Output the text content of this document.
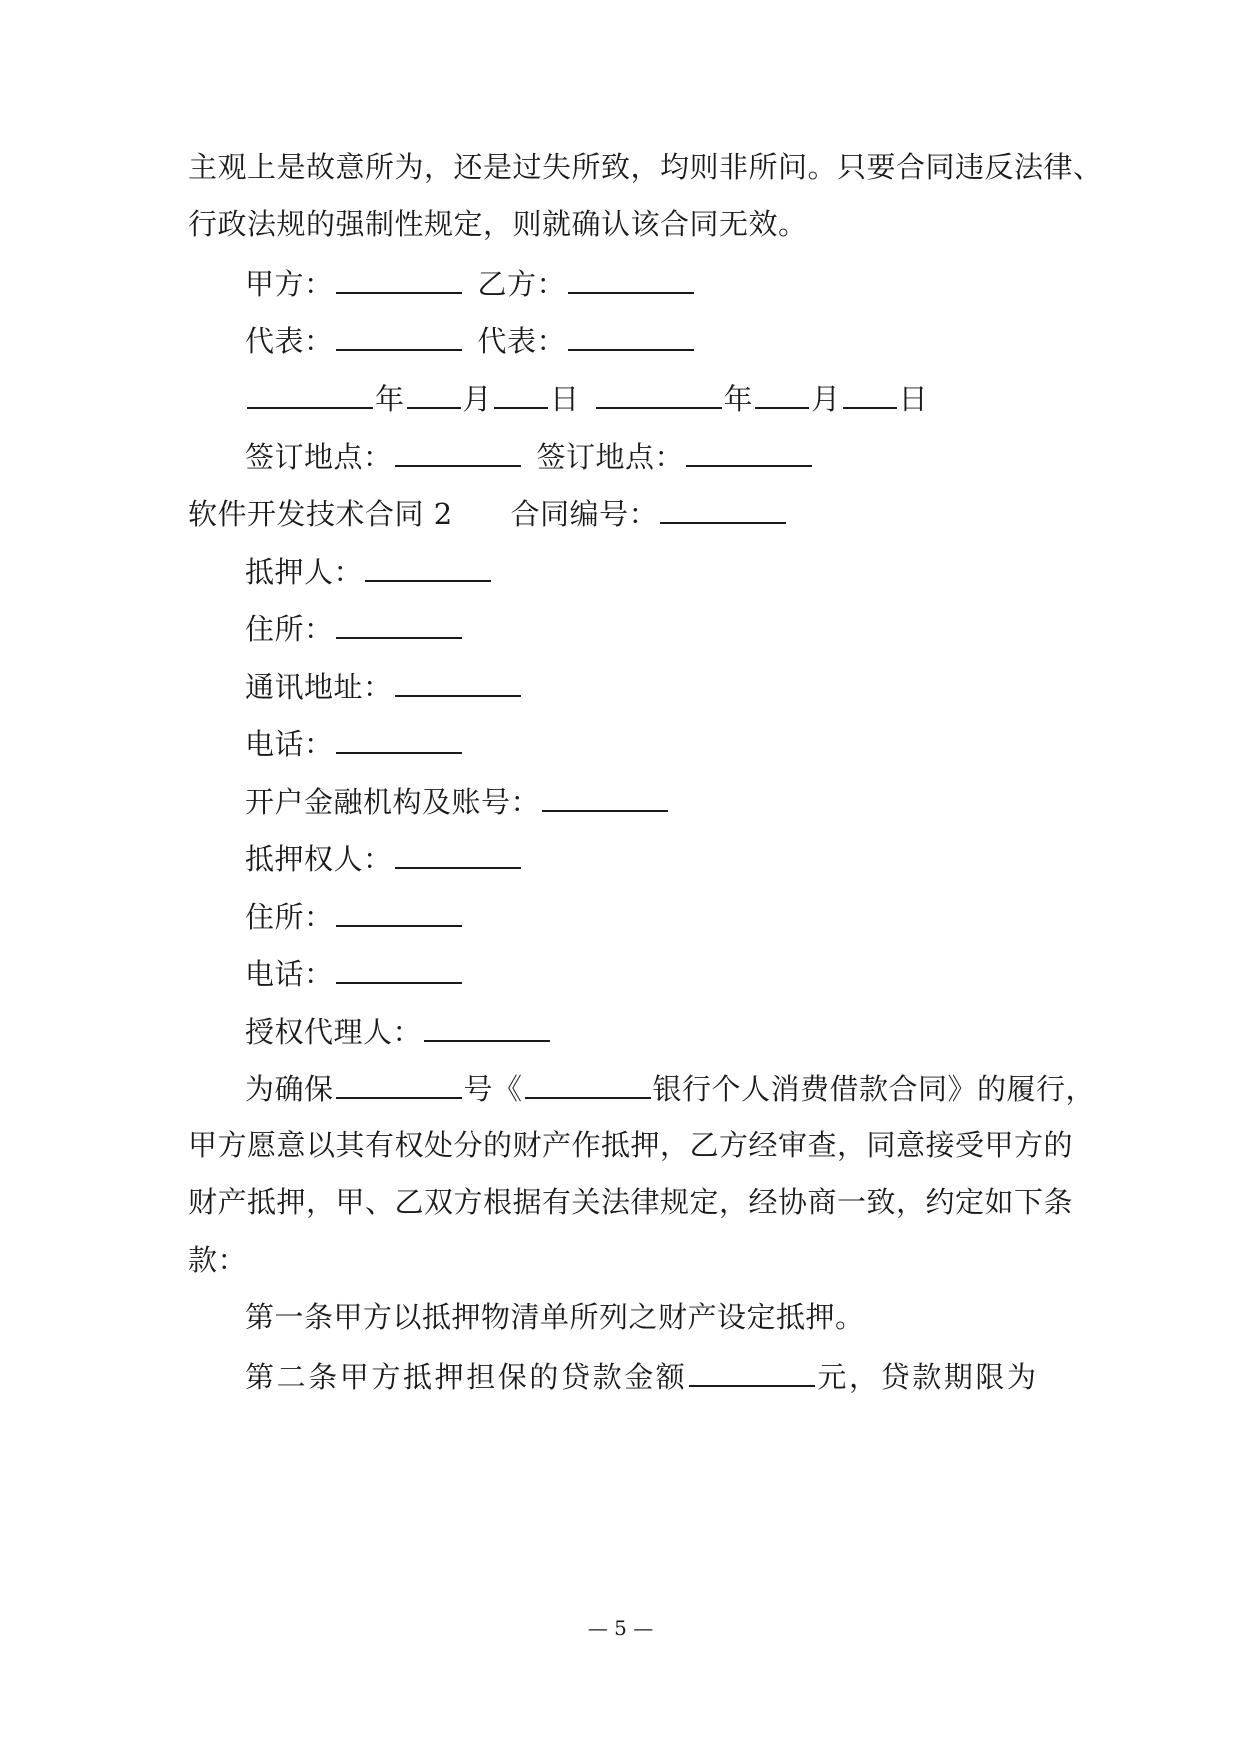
主观上是故意所为，还是过失所致，均则非所问。只要合同违反法律、
行政法规的强制性规定，则就确认该合同无效。
甲方：	乙方：
代表：	代表：
年 月 日	年 月 日
签订地点：	签订地点：
软件开发技术合同 2 合同编号：
抵押人：
住所：
通讯地址：
电话：
开户金融机构及账号：
抵押权人：
住所：
电话：
授权代理人：
为确保	号《	银行个人消费借款合同》的履行，
甲方愿意以其有权处分的财产作抵押，乙方经审查，同意接受甲方的
财产抵押，甲、乙双方根据有关法律规定，经协商一致，约定如下条
款：
第一条甲方以抵押物清单所列之财产设定抵押。
第二条甲方抵押担保的贷款金额	元，贷款期限为
— 5 —
